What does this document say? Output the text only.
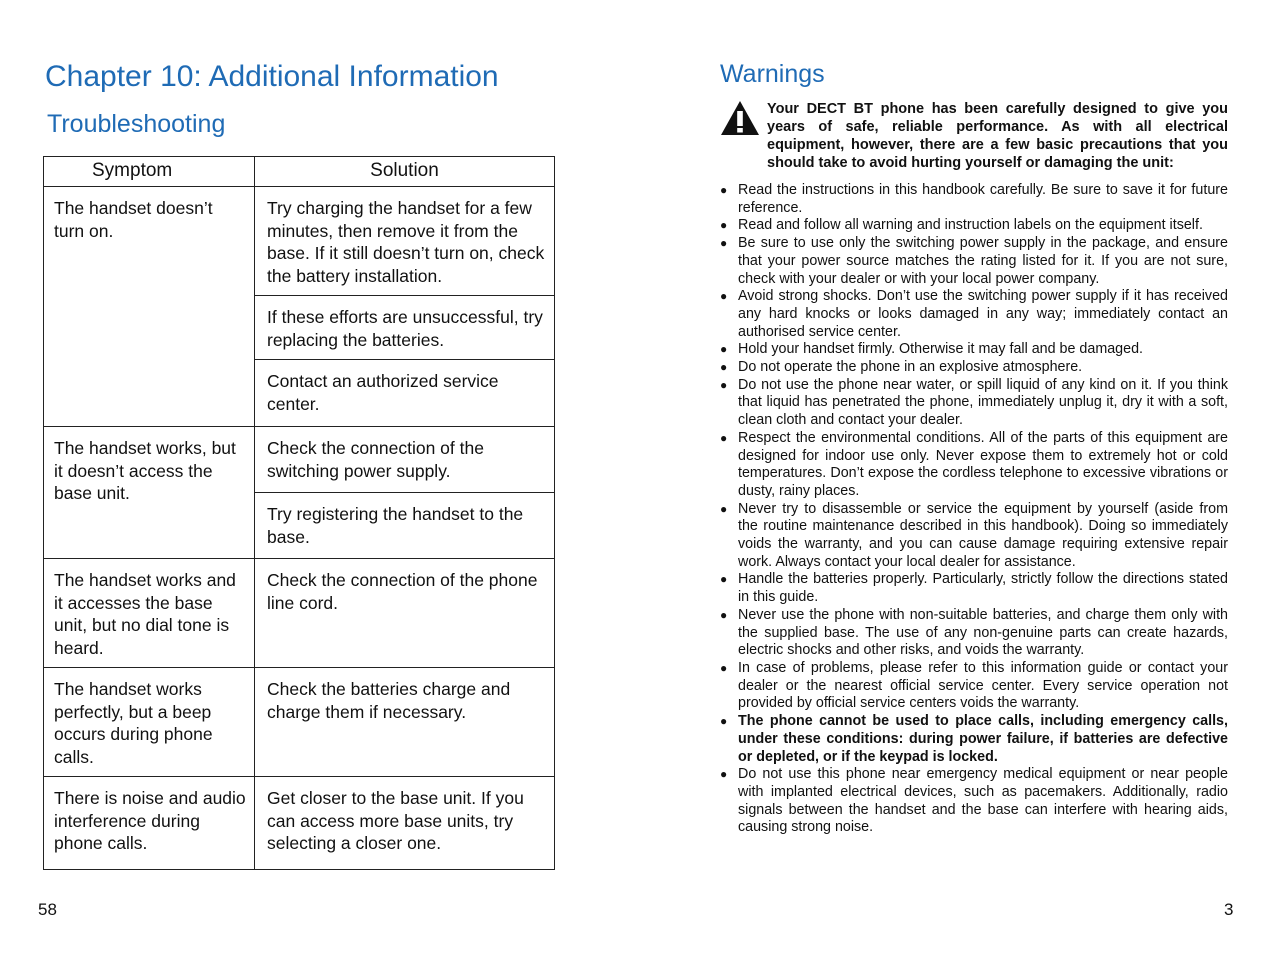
Chapter 10: Additional Information
Troubleshooting
Symptom	Solution
The handset doesn’t turn on.	Try charging the handset for a few minutes, then remove it from the base. If it still doesn’t turn on, check the battery installation.
	If these efforts are unsuccessful, try replacing the batteries.
	Contact an authorized service center.
The handset works, but it doesn’t access the base unit.	Check the connection of the switching power supply.
	Try registering the handset to the base.
The handset works and it accesses the base unit, but no dial tone is heard.	Check the connection of the phone line cord.
The handset works perfectly, but a beep occurs during phone calls.	Check the batteries charge and charge them if necessary.
There is noise and audio interference during phone calls.	Get closer to the base unit. If you can access more base units, try selecting a closer one.
58
Warnings

Your DECT BT phone has been carefully designed to give you years of safe, reliable performance. As with all electrical equipment, however, there are a few basic precautions that you should take to avoid hurting yourself or damaging the unit:

● Read the instructions in this handbook carefully. Be sure to save it for future reference.
● Read and follow all warning and instruction labels on the equipment itself.
● Be sure to use only the switching power supply in the package, and ensure that your power source matches the rating listed for it. If you are not sure, check with your dealer or with your local power company.
● Avoid strong shocks. Don’t use the switching power supply if it has received any hard knocks or looks damaged in any way; immediately contact an authorised service center.
● Hold your handset firmly. Otherwise it may fall and be damaged.
● Do not operate the phone in an explosive atmosphere.
● Do not use the phone near water, or spill liquid of any kind on it. If you think that liquid has penetrated the phone, immediately unplug it, dry it with a soft, clean cloth and contact your dealer.
● Respect the environmental conditions. All of the parts of this equipment are designed for indoor use only. Never expose them to extremely hot or cold temperatures. Don’t expose the cordless telephone to excessive vibrations or dusty, rainy places.
● Never try to disassemble or service the equipment by yourself (aside from the routine maintenance described in this handbook). Doing so immediately voids the warranty, and you can cause damage requiring extensive repair work. Always contact your local dealer for assistance.
● Handle the batteries properly. Particularly, strictly follow the directions stated in this guide.
● Never use the phone with non-suitable batteries, and charge them only with the supplied base. The use of any non-genuine parts can create hazards, electric shocks and other risks, and voids the warranty.
● In case of problems, please refer to this information guide or contact your dealer or the nearest official service center. Every service operation not provided by official service centers voids the warranty.
● The phone cannot be used to place calls, including emergency calls, under these conditions: during power failure, if batteries are defective or depleted, or if the keypad is locked.
● Do not use this phone near emergency medical equipment or near people with implanted electrical devices, such as pacemakers. Additionally, radio signals between the handset and the base can interfere with hearing aids, causing strong noise.
3
